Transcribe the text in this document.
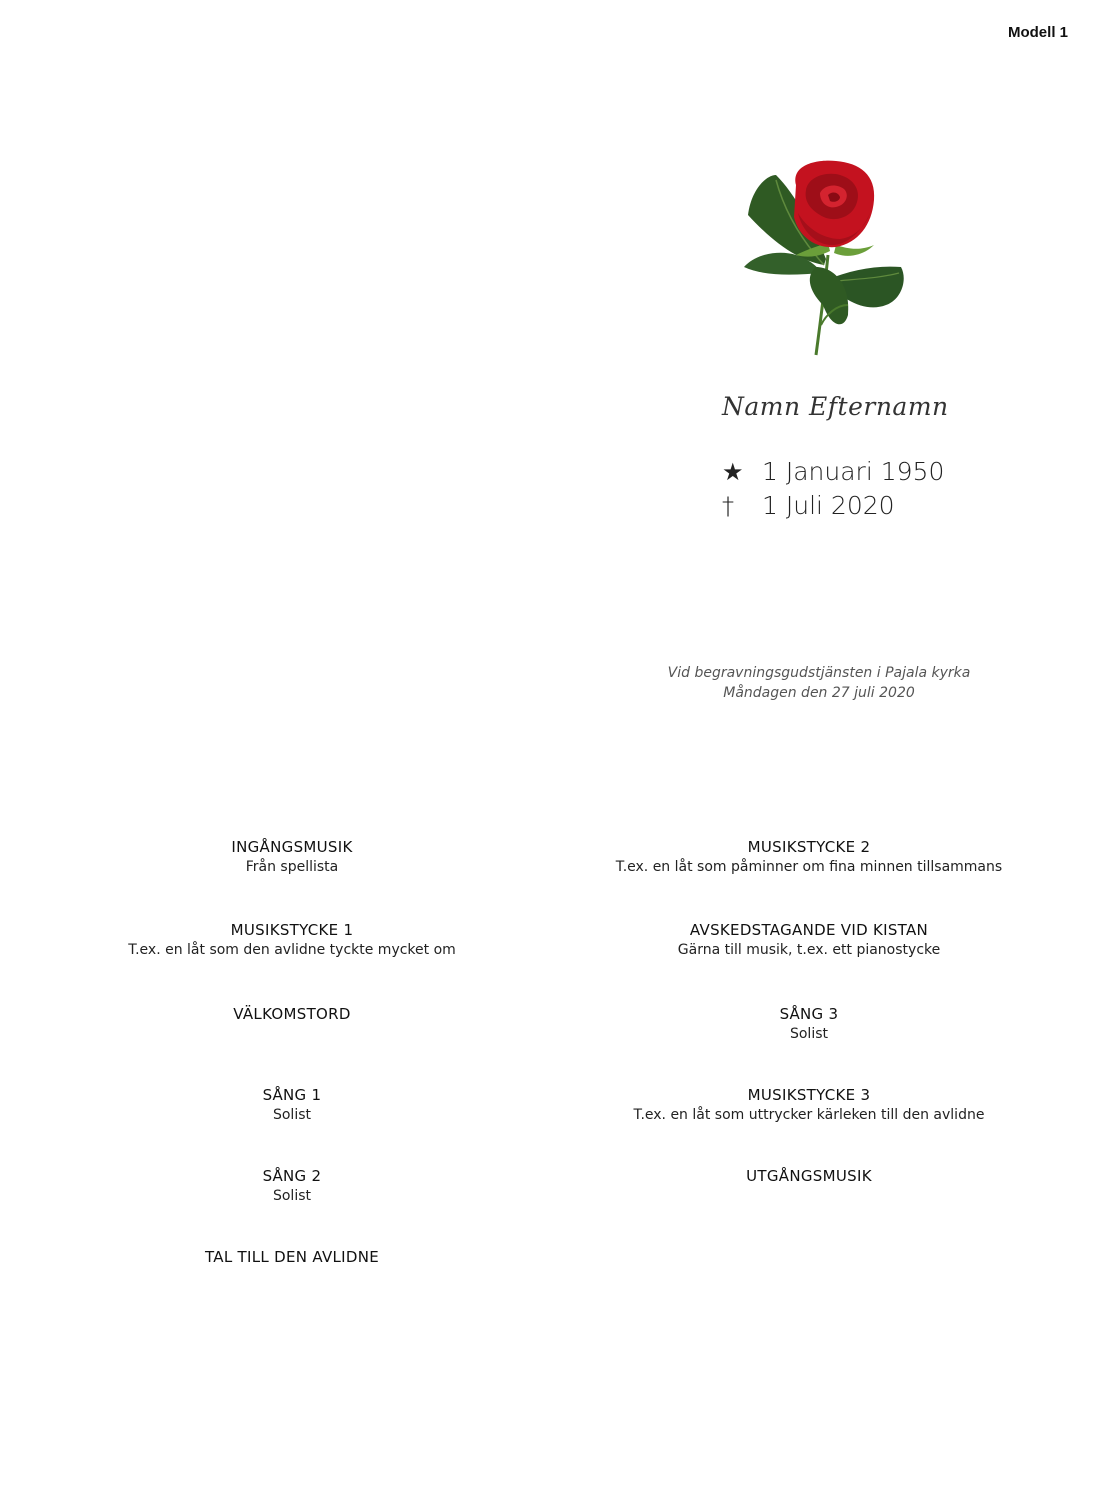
Modell 1
Namn Efternamn
★ 1 Januari 1950
† 1 Juli 2020
Vid begravningsgudstjänsten i Pajala kyrka
Måndagen den 27 juli 2020
INGÅNGSMUSIK
Från spellista
MUSIKSTYCKE 1
T.ex. en låt som den avlidne tyckte mycket om
VÄLKOMSTORD
SÅNG 1
Solist
SÅNG 2
Solist
TAL TILL DEN AVLIDNE
MUSIKSTYCKE 2
T.ex. en låt som påminner om fina minnen tillsammans
AVSKEDSTAGANDE VID KISTAN
Gärna till musik, t.ex. ett pianostycke
SÅNG 3
Solist
MUSIKSTYCKE 3
T.ex. en låt som uttrycker kärleken till den avlidne
UTGÅNGSMUSIK
